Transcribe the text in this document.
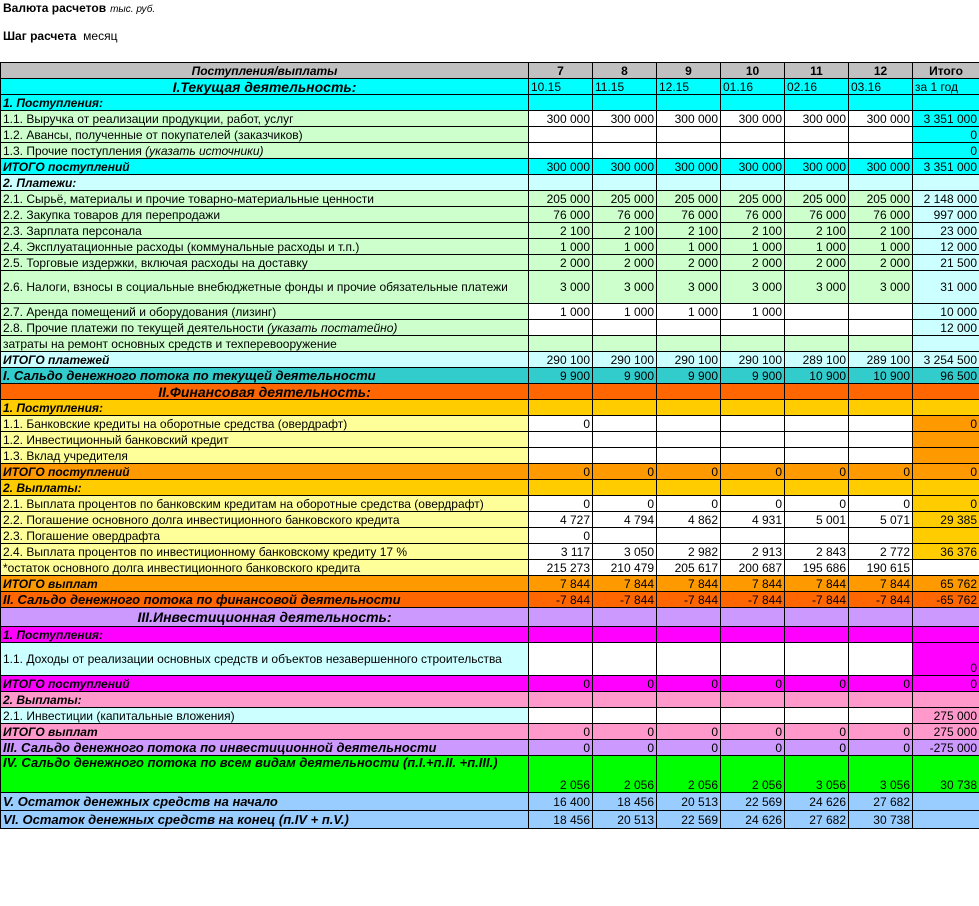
Валюта расчетов тыс. руб.
Шаг расчета месяц
Поступления/выплаты	7	8	9	10	11	12	Итого
I.Текущая деятельность:	10.15	11.15	12.15	01.16	02.16	03.16	за 1 год
1. Поступления:							
1.1. Выручка от реализации продукции, работ, услуг	300 000	300 000	300 000	300 000	300 000	300 000	3 351 000
1.2. Авансы, полученные от покупателей (заказчиков)							0
1.3. Прочие поступления (указать источники)							0
ИТОГО поступлений	300 000	300 000	300 000	300 000	300 000	300 000	3 351 000
2. Платежи:							
2.1. Сырьё, материалы и прочие товарно-материальные ценности	205 000	205 000	205 000	205 000	205 000	205 000	2 148 000
2.2. Закупка товаров для перепродажи	76 000	76 000	76 000	76 000	76 000	76 000	997 000
2.3. Зарплата персонала	2 100	2 100	2 100	2 100	2 100	2 100	23 000
2.4. Эксплуатационные расходы (коммунальные расходы и т.п.)	1 000	1 000	1 000	1 000	1 000	1 000	12 000
2.5. Торговые издержки, включая расходы на доставку	2 000	2 000	2 000	2 000	2 000	2 000	21 500
2.6. Налоги, взносы в социальные внебюджетные фонды и прочие обязательные платежи	3 000	3 000	3 000	3 000	3 000	3 000	31 000
2.7. Аренда помещений и оборудования (лизинг)	1 000	1 000	1 000	1 000			10 000
2.8. Прочие платежи по текущей деятельности (указать постатейно)							12 000
затраты на ремонт основных средств и техперевооружение							
ИТОГО платежей	290 100	290 100	290 100	290 100	289 100	289 100	3 254 500
I. Сальдо денежного потока по текущей деятельности	9 900	9 900	9 900	9 900	10 900	10 900	96 500
II.Финансовая деятельность:							
1. Поступления:							
1.1. Банковские кредиты на оборотные средства (овердрафт)	0						0
1.2. Инвестиционный банковский кредит							
1.3. Вклад учредителя							
ИТОГО поступлений	0	0	0	0	0	0	0
2. Выплаты:							
2.1. Выплата процентов по банковским кредитам на оборотные средства (овердрафт)	0	0	0	0	0	0	0
2.2. Погашение основного долга инвестиционного банковского кредита	4 727	4 794	4 862	4 931	5 001	5 071	29 385
2.3. Погашение овердрафта	0						
2.4. Выплата процентов по инвестиционному банковскому кредиту 17 %	3 117	3 050	2 982	2 913	2 843	2 772	36 376
*остаток основного долга инвестиционного банковского кредита	215 273	210 479	205 617	200 687	195 686	190 615	
ИТОГО выплат	7 844	7 844	7 844	7 844	7 844	7 844	65 762
II. Сальдо денежного потока по финансовой деятельности	-7 844	-7 844	-7 844	-7 844	-7 844	-7 844	-65 762
III.Инвестиционная деятельность:							
1. Поступления:							
1.1. Доходы от реализации основных средств и объектов незавершенного строительства							0
ИТОГО поступлений	0	0	0	0	0	0	0
2. Выплаты:							
2.1. Инвестиции (капитальные вложения)							275 000
ИТОГО выплат	0	0	0	0	0	0	275 000
III. Сальдо денежного потока по инвестиционной деятельности	0	0	0	0	0	0	-275 000
IV. Сальдо денежного потока по всем видам деятельности (п.I.+п.II. +п.III.)	2 056	2 056	2 056	2 056	3 056	3 056	30 738
V. Остаток денежных средств на начало	16 400	18 456	20 513	22 569	24 626	27 682	
VI. Остаток денежных средств на конец (п.IV + п.V.)	18 456	20 513	22 569	24 626	27 682	30 738	
